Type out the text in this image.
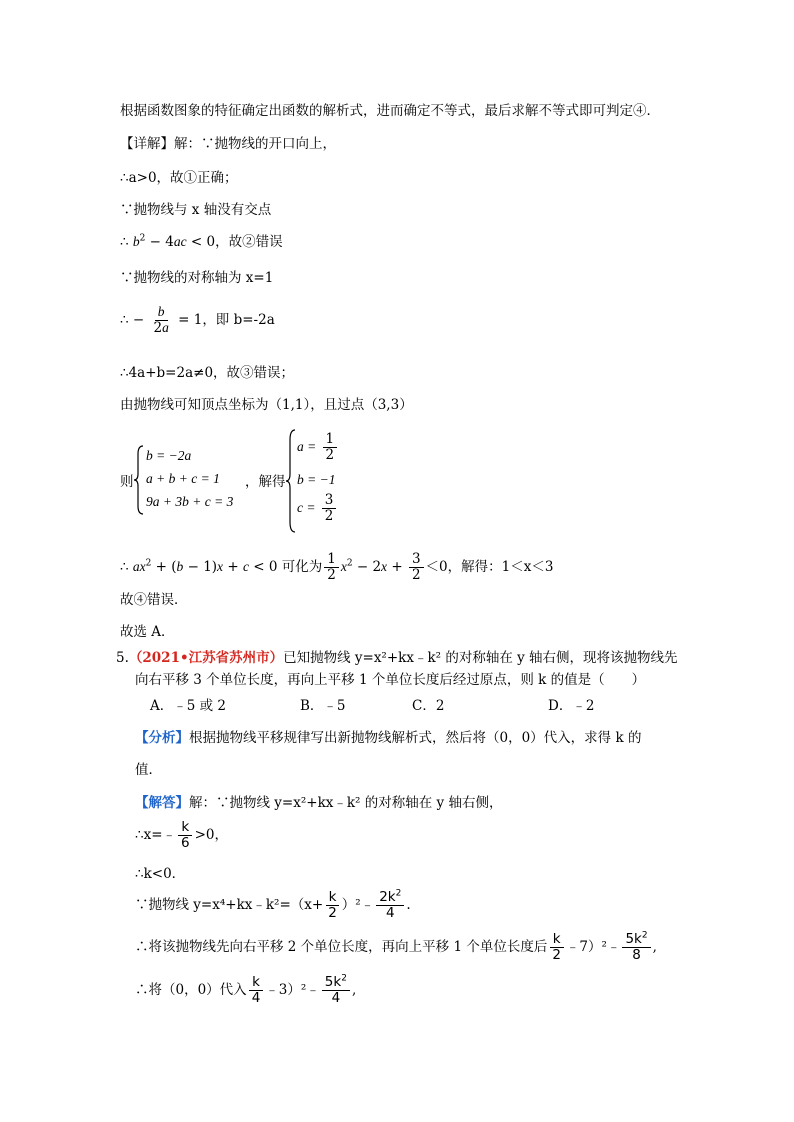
根据函数图象的特征确定出函数的解析式，进而确定不等式，最后求解不等式即可判定④．
【详解】解：∵抛物线的开口向上，
∴a>0，故①正确；
∵抛物线与 x 轴没有交点
∴ $b^2 - 4ac < 0$，故②错误
∵抛物线的对称轴为 x=1
∴ − $\frac{b}{2a} = 1$，即 b=-2a
∴4a+b=2a≠0，故③错误；
由抛物线可知顶点坐标为（1,1），且过点（3,3）
则
b = −2a
a + b + c = 1
9a + 3b + c = 3
，解得
$a = \frac{1}{2}$
b = −1
$c = \frac{3}{2}$
∴ $ax^2 + (b - 1)x + c < 0$ 可化为 $\frac{1}{2} x^2 - 2x + \frac{3}{2} <0$，解得：1＜x＜3
故④错误．
故选 A．
5.（2021•江苏省苏州市）已知抛物线 y=x²+kx﹣k² 的对称轴在 y 轴右侧，现将该抛物线先
向右平移 3 个单位长度，再向上平移 1 个单位长度后经过原点，则 k 的值是（　　）
A．﹣5 或 2	B．﹣5	C．2	D．﹣2
【分析】根据抛物线平移规律写出新抛物线解析式，然后将（0，0）代入，求得 k 的
值．
【解答】解：∵抛物线 y=x²+kx﹣k² 的对称轴在 y 轴右侧，
∴x=﹣ $\frac{k}{6} >0$，
∴k<0．
∵抛物线 y=x⁴+kx﹣k²=（x+ $\frac{k}{2}$ ）²﹣ $\frac{2k^2}{4}$ .
∴将该抛物线先向右平移 2 个单位长度，再向上平移 1 个单位长度后 $\frac{k}{2}$ ﹣7）²﹣ $\frac{5k^2}{8}$ ,
∴将（0，0）代入 $\frac{k}{4}$ ﹣3）²﹣ $\frac{5k^2}{4}$ ,
